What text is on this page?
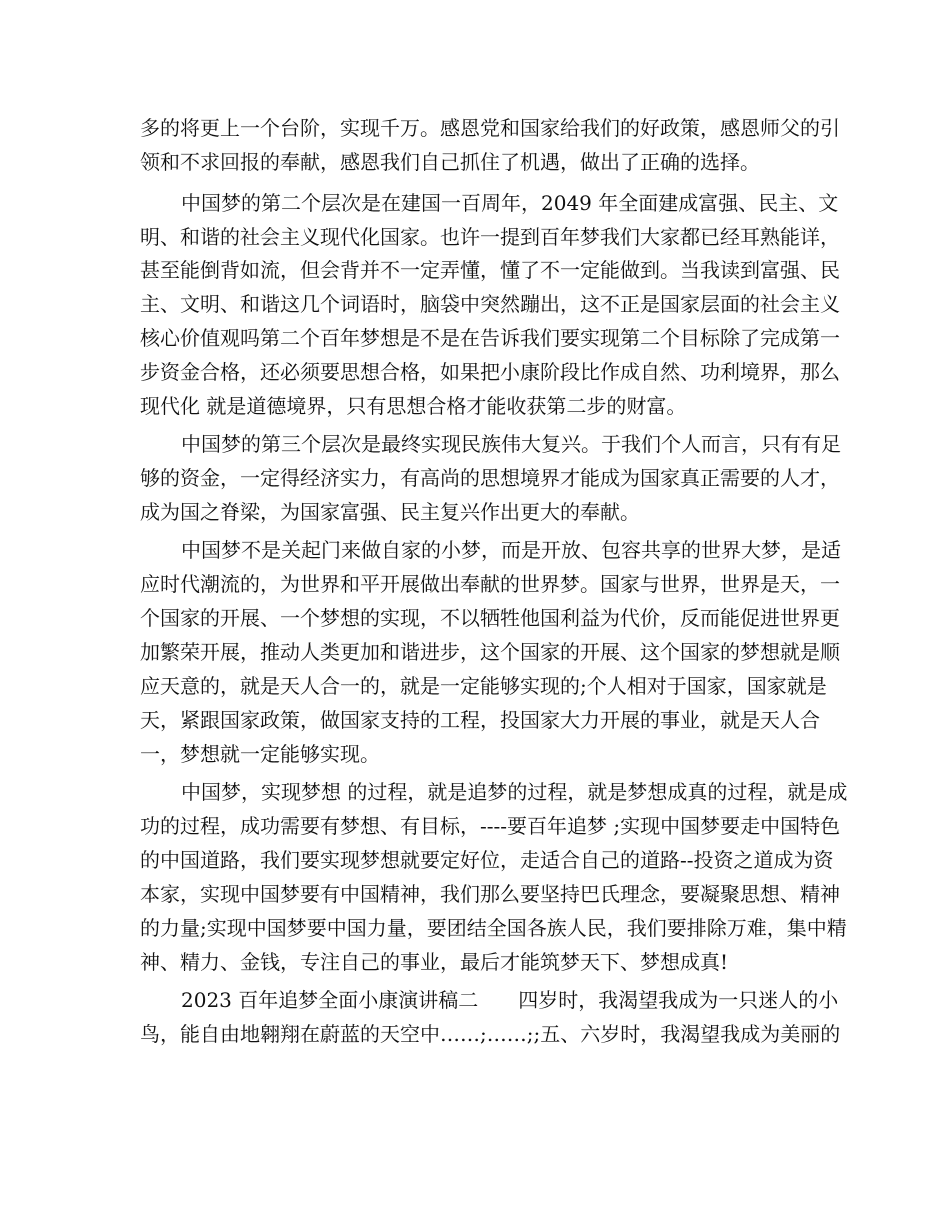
多的将更上一个台阶，实现千万。感恩党和国家给我们的好政策，感恩师父的引
领和不求回报的奉献，感恩我们自己抓住了机遇，做出了正确的选择。
中国梦的第二个层次是在建国一百周年，2049 年全面建成富强、民主、文
明、和谐的社会主义现代化国家。也许一提到百年梦我们大家都已经耳熟能详，
甚至能倒背如流，但会背并不一定弄懂，懂了不一定能做到。当我读到富强、民
主、文明、和谐这几个词语时，脑袋中突然蹦出，这不正是国家层面的社会主义
核心价值观吗第二个百年梦想是不是在告诉我们要实现第二个目标除了完成第一
步资金合格，还必须要思想合格，如果把小康阶段比作成自然、功利境界，那么
现代化 就是道德境界，只有思想合格才能收获第二步的财富。
中国梦的第三个层次是最终实现民族伟大复兴。于我们个人而言，只有有足
够的资金，一定得经济实力，有高尚的思想境界才能成为国家真正需要的人才，
成为国之脊梁，为国家富强、民主复兴作出更大的奉献。
中国梦不是关起门来做自家的小梦，而是开放、包容共享的世界大梦，是适
应时代潮流的，为世界和平开展做出奉献的世界梦。国家与世界，世界是天，一
个国家的开展、一个梦想的实现，不以牺牲他国利益为代价，反而能促进世界更
加繁荣开展，推动人类更加和谐进步，这个国家的开展、这个国家的梦想就是顺
应天意的，就是天人合一的，就是一定能够实现的;个人相对于国家，国家就是
天，紧跟国家政策，做国家支持的工程，投国家大力开展的事业，就是天人合
一，梦想就一定能够实现。
中国梦，实现梦想 的过程，就是追梦的过程，就是梦想成真的过程，就是成
功的过程，成功需要有梦想、有目标，----要百年追梦 ;实现中国梦要走中国特色
的中国道路，我们要实现梦想就要定好位，走适合自己的道路--投资之道成为资
本家，实现中国梦要有中国精神，我们那么要坚持巴氏理念，要凝聚思想、精神
的力量;实现中国梦要中国力量，要团结全国各族人民，我们要排除万难，集中精
神、精力、金钱，专注自己的事业，最后才能筑梦天下、梦想成真!
2023 百年追梦全面小康演讲稿二　　四岁时，我渴望我成为一只迷人的小
鸟，能自由地翱翔在蔚蓝的天空中……;……;;五、六岁时，我渴望我成为美丽的
